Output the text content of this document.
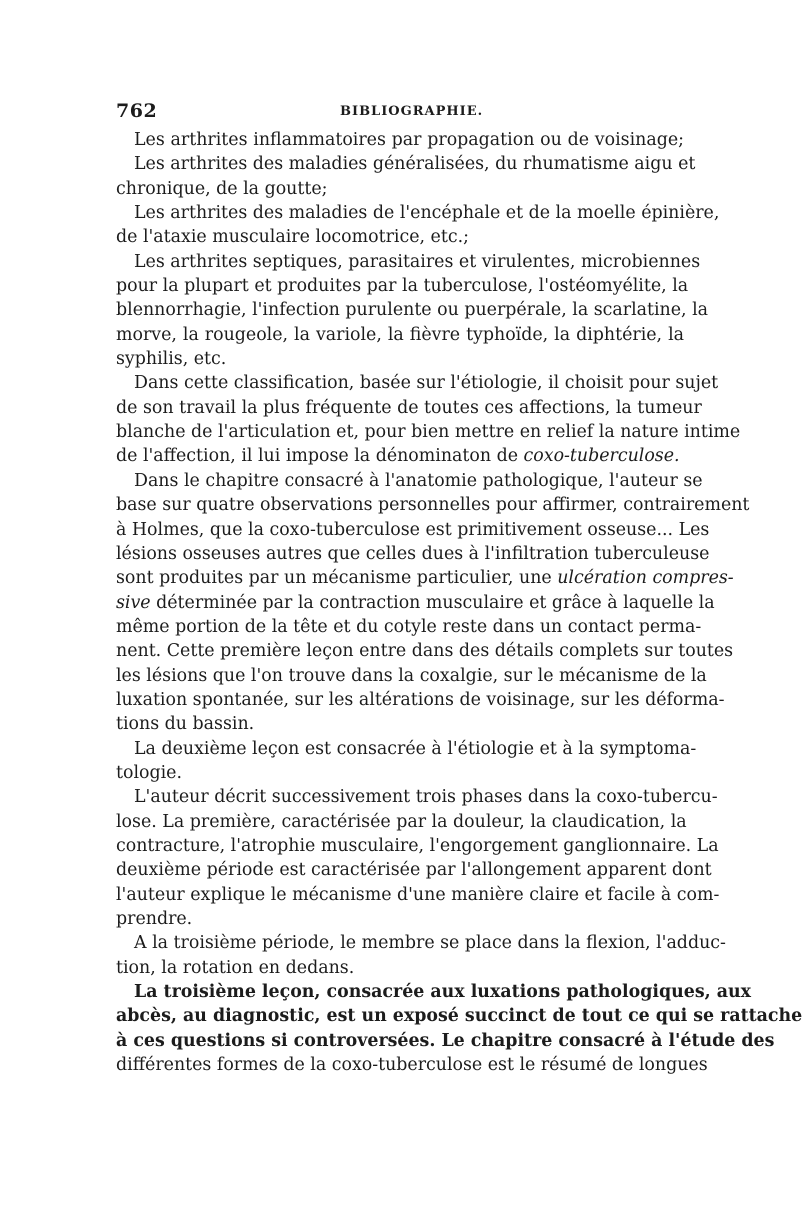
762	BIBLIOGRAPHIE.
Les arthrites inflammatoires par propagation ou de voisinage;
Les arthrites des maladies généralisées, du rhumatisme aigu et
chronique, de la goutte;
Les arthrites des maladies de l'encéphale et de la moelle épinière,
de l'ataxie musculaire locomotrice, etc.;
Les arthrites septiques, parasitaires et virulentes, microbiennes
pour la plupart et produites par la tuberculose, l'ostéomyélite, la
blennorrhagie, l'infection purulente ou puerpérale, la scarlatine, la
morve, la rougeole, la variole, la fièvre typhoïde, la diphtérie, la
syphilis, etc.
Dans cette classification, basée sur l'étiologie, il choisit pour sujet
de son travail la plus fréquente de toutes ces affections, la tumeur
blanche de l'articulation et, pour bien mettre en relief la nature intime
de l'affection, il lui impose la dénominaton de coxo-tuberculose.
Dans le chapitre consacré à l'anatomie pathologique, l'auteur se
base sur quatre observations personnelles pour affirmer, contrairement
à Holmes, que la coxo-tuberculose est primitivement osseuse... Les
lésions osseuses autres que celles dues à l'infiltration tuberculeuse
sont produites par un mécanisme particulier, une ulcération compres-
sive déterminée par la contraction musculaire et grâce à laquelle la
même portion de la tête et du cotyle reste dans un contact perma-
nent. Cette première leçon entre dans des détails complets sur toutes
les lésions que l'on trouve dans la coxalgie, sur le mécanisme de la
luxation spontanée, sur les altérations de voisinage, sur les déforma-
tions du bassin.
La deuxième leçon est consacrée à l'étiologie et à la symptoma-
tologie.
L'auteur décrit successivement trois phases dans la coxo-tubercu-
lose. La première, caractérisée par la douleur, la claudication, la
contracture, l'atrophie musculaire, l'engorgement ganglionnaire. La
deuxième période est caractérisée par l'allongement apparent dont
l'auteur explique le mécanisme d'une manière claire et facile à com-
prendre.
A la troisième période, le membre se place dans la flexion, l'adduc-
tion, la rotation en dedans.
La troisième leçon, consacrée aux luxations pathologiques, aux
abcès, au diagnostic, est un exposé succinct de tout ce qui se rattache
à ces questions si controversées. Le chapitre consacré à l'étude des
différentes formes de la coxo-tuberculose est le résumé de longues
